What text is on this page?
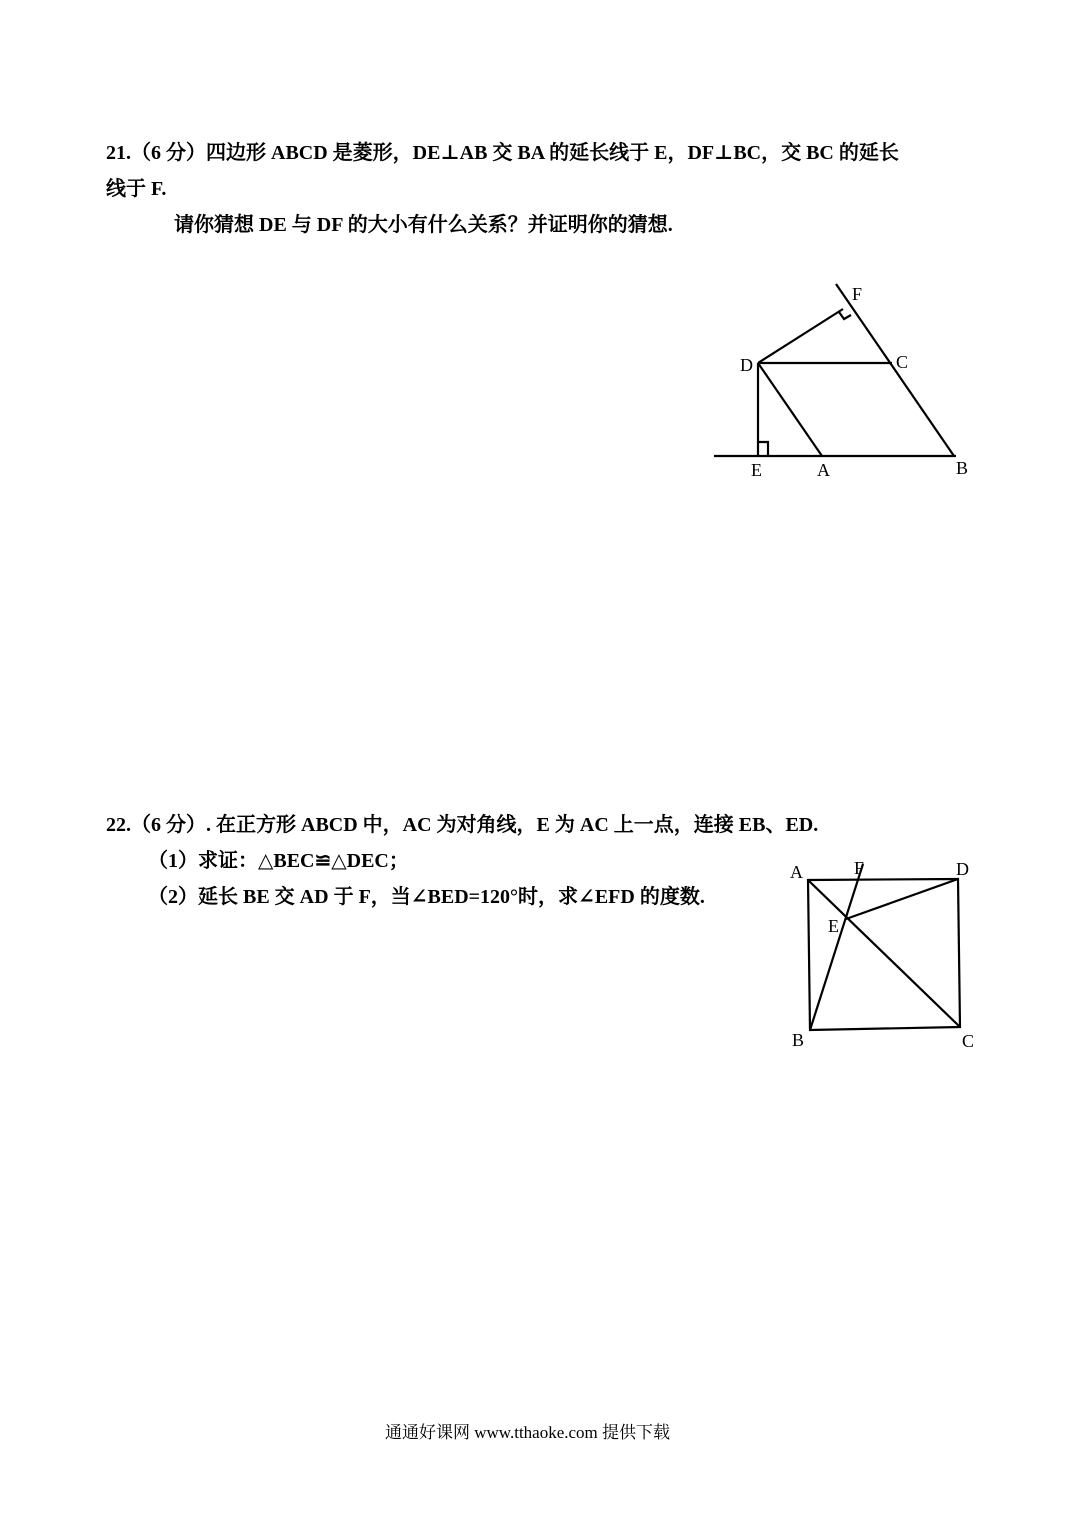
21.（6 分）四边形 ABCD 是菱形，DE⊥AB 交 BA 的延长线于 E，DF⊥BC，交 BC 的延长
线于 F.
请你猜想 DE 与 DF 的大小有什么关系？并证明你的猜想.
F
D	C
E	A	B
22.（6 分）. 在正方形 ABCD 中，AC 为对角线，E 为 AC 上一点，连接 EB、ED.
（1）求证：△BEC≌△DEC；
（2）延长 BE 交 AD 于 F，当∠BED=120°时，求∠EFD 的度数.
A	F	D
E
B	C
通通好课网 www.tthaoke.com 提供下载
